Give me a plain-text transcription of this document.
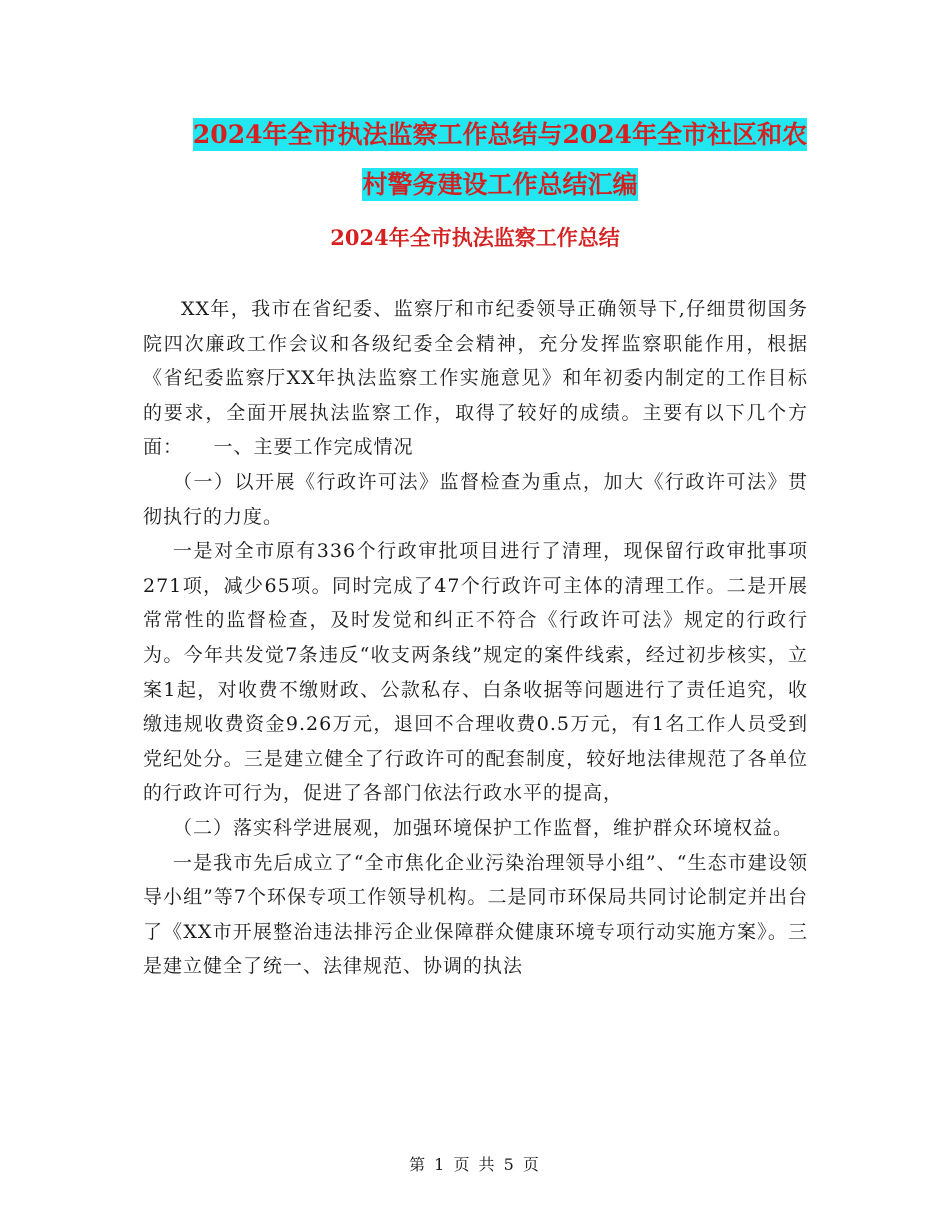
2024年全市执法监察工作总结与2024年全市社区和农
村警务建设工作总结汇编
2024年全市执法监察工作总结

XX年，我市在省纪委、监察厅和市纪委领导正确领导下,仔细贯彻国务院四次廉政工作会议和各级纪委全会精神，充分发挥监察职能作用，根据《省纪委监察厅XX年执法监察工作实施意见》和年初委内制定的工作目标的要求，全面开展执法监察工作，取得了较好的成绩。主要有以下几个方面：　　一、主要工作完成情况

（一）以开展《行政许可法》监督检查为重点，加大《行政许可法》贯彻执行的力度。

一是对全市原有336个行政审批项目进行了清理，现保留行政审批事项271项，减少65项。同时完成了47个行政许可主体的清理工作。二是开展常常性的监督检查，及时发觉和纠正不符合《行政许可法》规定的行政行为。今年共发觉7条违反“收支两条线”规定的案件线索，经过初步核实，立案1起，对收费不缴财政、公款私存、白条收据等问题进行了责任追究，收缴违规收费资金9.26万元，退回不合理收费0.5万元，有1名工作人员受到党纪处分。三是建立健全了行政许可的配套制度，较好地法律规范了各单位的行政许可行为，促进了各部门依法行政水平的提高，

（二）落实科学进展观，加强环境保护工作监督，维护群众环境权益。

一是我市先后成立了“全市焦化企业污染治理领导小组”、“生态市建设领导小组”等7个环保专项工作领导机构。二是同市环保局共同讨论制定并出台了《XX市开展整治违法排污企业保障群众健康环境专项行动实施方案》。三是建立健全了统一、法律规范、协调的执法

第 1 页 共 5 页
